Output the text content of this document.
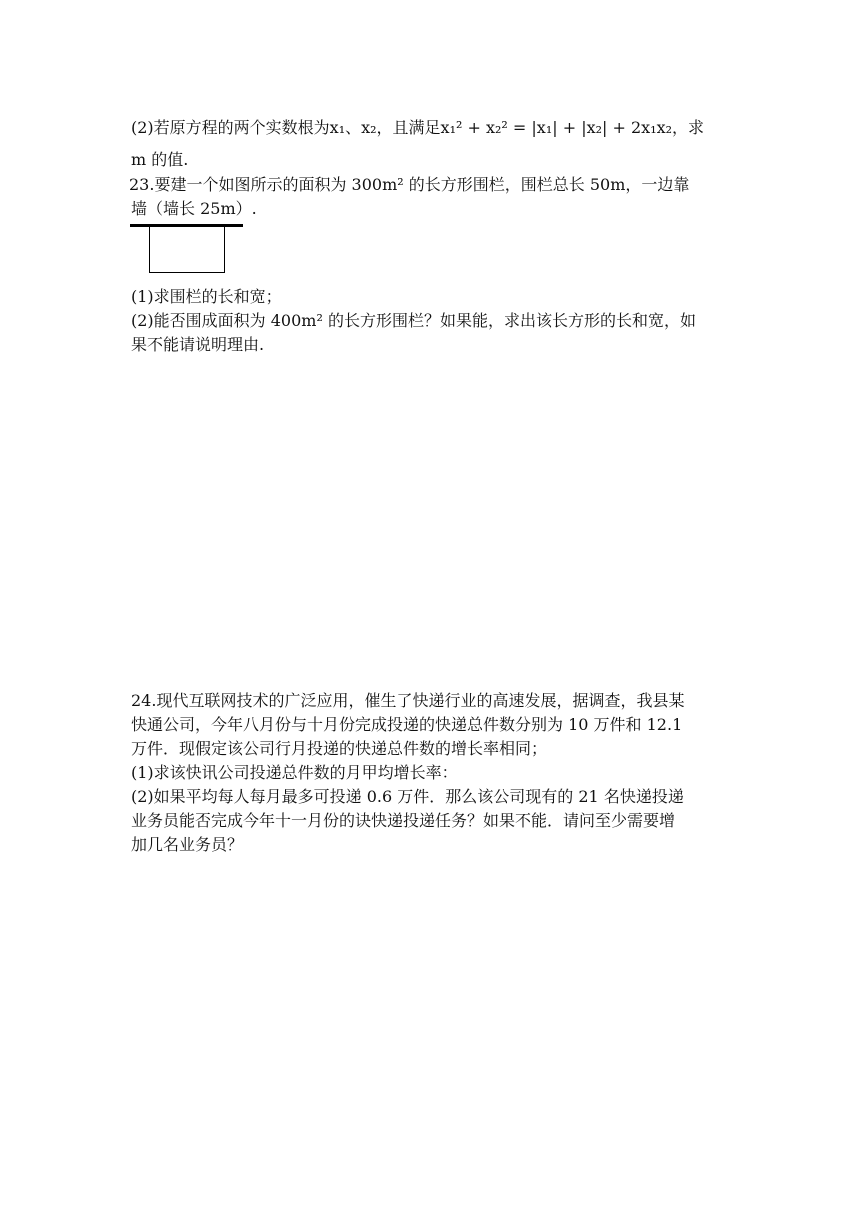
(2)若原方程的两个实数根为x₁、x₂，且满足x₁² + x₂² = |x₁| + |x₂| + 2x₁x₂，求

m 的值.

23.要建一个如图所示的面积为 300m² 的长方形围栏，围栏总长 50m，一边靠

墙（墙长 25m）.

(1)求围栏的长和宽；

(2)能否围成面积为 400m² 的长方形围栏？如果能，求出该长方形的长和宽，如

果不能请说明理由.

24.现代互联网技术的广泛应用，催生了快递行业的高速发展，据调查，我县某

快通公司，今年八月份与十月份完成投递的快递总件数分别为 10 万件和 12.1

万件．现假定该公司行月投递的快递总件数的增长率相同；

(1)求该快讯公司投递总件数的月甲均增长率：

(2)如果平均每人每月最多可投递 0.6 万件．那么该公司现有的 21 名快递投递

业务员能否完成今年十一月份的诀快递投递任务？如果不能．请问至少需要增

加几名业务员？
